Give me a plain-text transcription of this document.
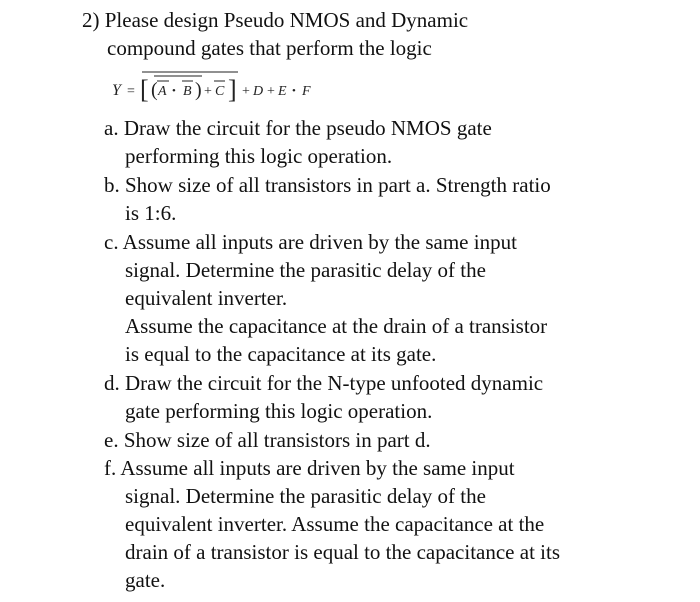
2) Please design Pseudo NMOS and Dynamic
compound gates that perform the logic
Y = [ ( A • B ) + C ] + D + E • F
a. Draw the circuit for the pseudo NMOS gate
performing this logic operation.
b. Show size of all transistors in part a. Strength ratio
is 1:6.
c. Assume all inputs are driven by the same input
signal. Determine the parasitic delay of the
equivalent inverter.
Assume the capacitance at the drain of a transistor
is equal to the capacitance at its gate.
d. Draw the circuit for the N-type unfooted dynamic
gate performing this logic operation.
e. Show size of all transistors in part d.
f. Assume all inputs are driven by the same input
signal. Determine the parasitic delay of the
equivalent inverter. Assume the capacitance at the
drain of a transistor is equal to the capacitance at its
gate.
